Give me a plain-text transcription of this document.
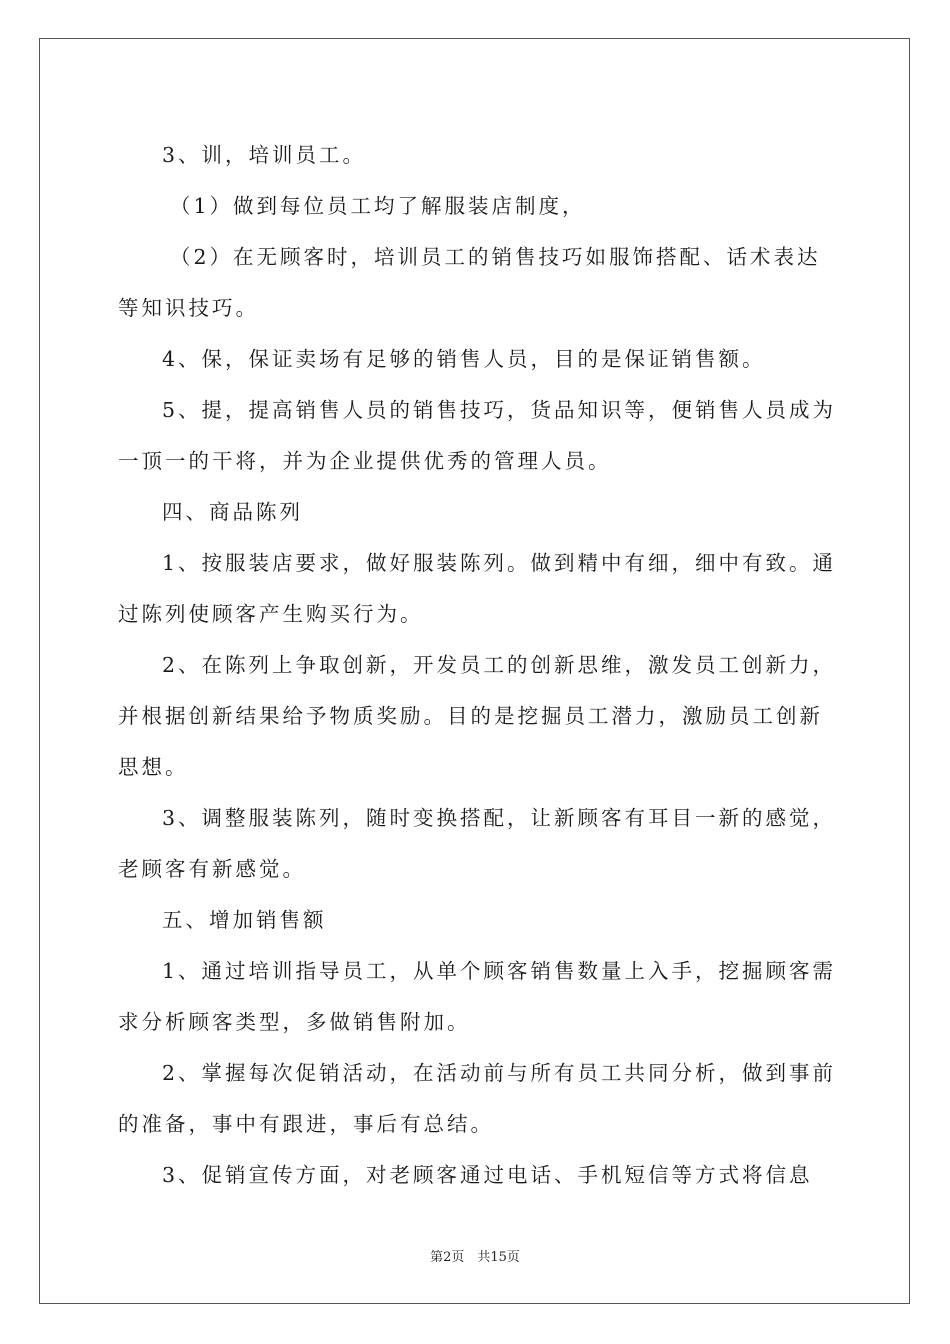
3、训，培训员工。

（1）做到每位员工均了解服装店制度，

（2）在无顾客时，培训员工的销售技巧如服饰搭配、话术表达等知识技巧。

4、保，保证卖场有足够的销售人员，目的是保证销售额。

5、提，提高销售人员的销售技巧，货品知识等，便销售人员成为一顶一的干将，并为企业提供优秀的管理人员。

四、商品陈列

1、按服装店要求，做好服装陈列。做到精中有细，细中有致。通过陈列使顾客产生购买行为。

2、在陈列上争取创新，开发员工的创新思维，激发员工创新力，并根据创新结果给予物质奖励。目的是挖掘员工潜力，激励员工创新思想。

3、调整服装陈列，随时变换搭配，让新顾客有耳目一新的感觉，老顾客有新感觉。

五、增加销售额

1、通过培训指导员工，从单个顾客销售数量上入手，挖掘顾客需求分析顾客类型，多做销售附加。

2、掌握每次促销活动，在活动前与所有员工共同分析，做到事前的准备，事中有跟进，事后有总结。

3、促销宣传方面，对老顾客通过电话、手机短信等方式将信息

第2页　共15页
